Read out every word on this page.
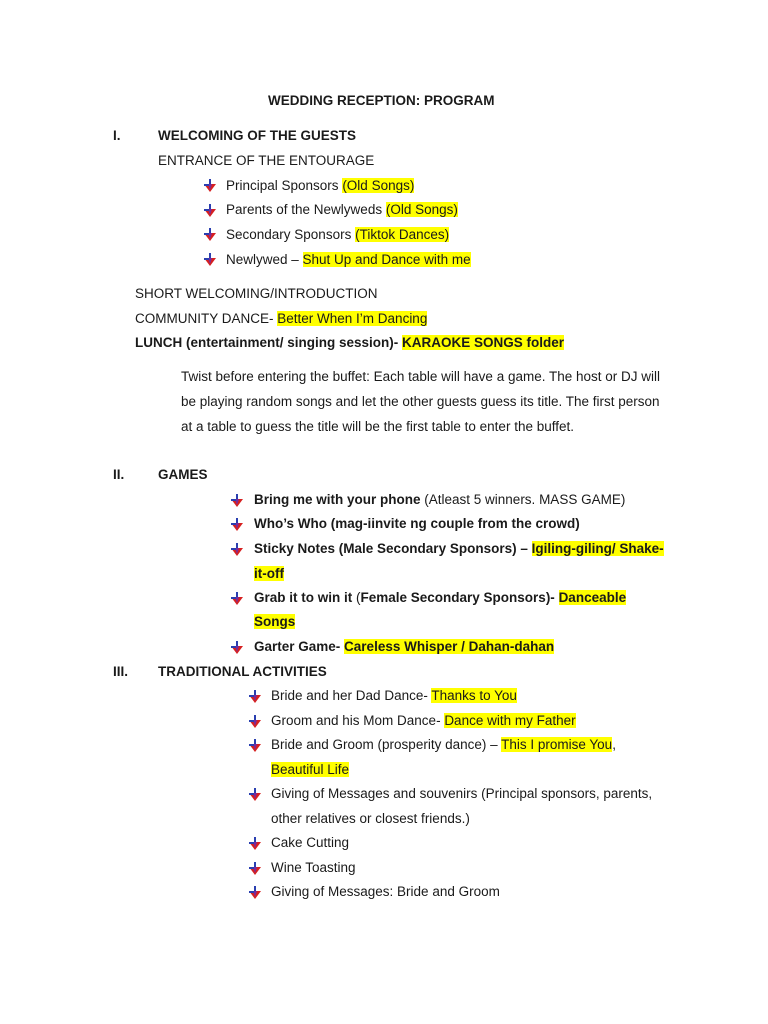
WEDDING RECEPTION: PROGRAM
I.	WELCOMING OF THE GUESTS
ENTRANCE OF THE ENTOURAGE
Principal Sponsors (Old Songs)
Parents of the Newlyweds (Old Songs)
Secondary Sponsors (Tiktok Dances)
Newlywed – Shut Up and Dance with me
SHORT WELCOMING/INTRODUCTION
COMMUNITY DANCE- Better When I’m Dancing
LUNCH (entertainment/ singing session)- KARAOKE SONGS folder
Twist before entering the buffet: Each table will have a game. The host or DJ will
be playing random songs and let the other guests guess its title. The first person
at a table to guess the title will be the first table to enter the buffet.
II. GAMES
Bring me with your phone (Atleast 5 winners. MASS GAME)
Who’s Who (mag-iinvite ng couple from the crowd)
Sticky Notes (Male Secondary Sponsors) – Igiling-giling/ Shake-
it-off
Grab it to win it (Female Secondary Sponsors)- Danceable
Songs
Garter Game- Careless Whisper / Dahan-dahan
III. TRADITIONAL ACTIVITIES
Bride and her Dad Dance- Thanks to You
Groom and his Mom Dance- Dance with my Father
Bride and Groom (prosperity dance) – This I promise You,
Beautiful Life
Giving of Messages and souvenirs (Principal sponsors, parents,
other relatives or closest friends.)
Cake Cutting
Wine Toasting
Giving of Messages: Bride and Groom
